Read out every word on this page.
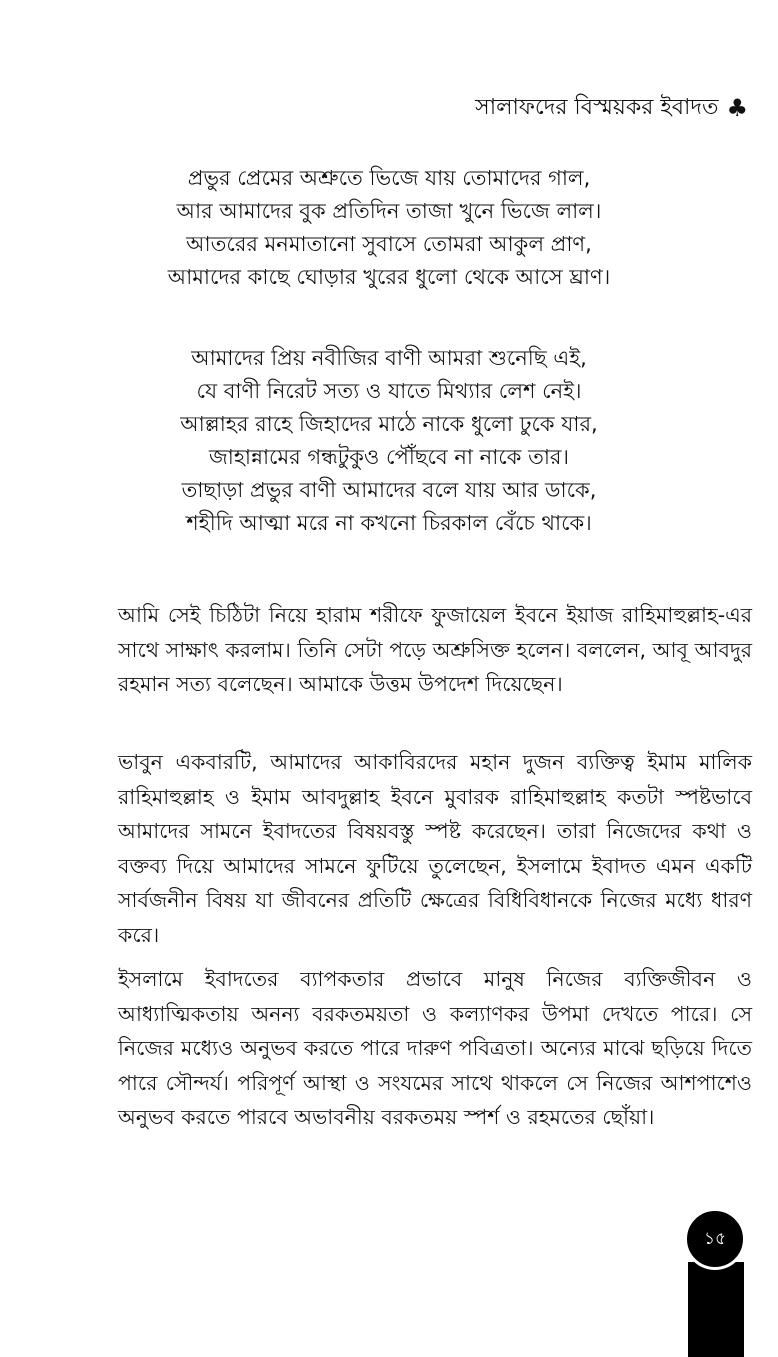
সালাফদের বিস্ময়কর ইবাদত ♣
প্রভুর প্রেমের অশ্রুতে ভিজে যায় তোমাদের গাল,
আর আমাদের বুক প্রতিদিন তাজা খুনে ভিজে লাল।
আতরের মনমাতানো সুবাসে তোমরা আকুল প্রাণ,
আমাদের কাছে ঘোড়ার খুরের ধুলো থেকে আসে ঘ্রাণ।
আমাদের প্রিয় নবীজির বাণী আমরা শুনেছি এই,
যে বাণী নিরেট সত্য ও যাতে মিথ্যার লেশ নেই।
আল্লাহর রাহে জিহাদের মাঠে নাকে ধুলো ঢুকে যার,
জাহান্নামের গন্ধটুকুও পৌঁছবে না নাকে তার।
তাছাড়া প্রভুর বাণী আমাদের বলে যায় আর ডাকে,
শহীদি আত্মা মরে না কখনো চিরকাল বেঁচে থাকে।

আমি সেই চিঠিটা নিয়ে হারাম শরীফে ফুজায়েল ইবনে ইয়াজ রাহিমাহুল্লাহ-এর সাথে সাক্ষাৎ করলাম। তিনি সেটা পড়ে অশ্রুসিক্ত হলেন। বললেন, আবূ আবদুর রহমান সত্য বলেছেন। আমাকে উত্তম উপদেশ দিয়েছেন।

ভাবুন একবারটি, আমাদের আকাবিরদের মহান দুজন ব্যক্তিত্ব ইমাম মালিক রাহিমাহুল্লাহ ও ইমাম আবদুল্লাহ ইবনে মুবারক রাহিমাহুল্লাহ কতটা স্পষ্টভাবে আমাদের সামনে ইবাদতের বিষয়বস্তু স্পষ্ট করেছেন। তারা নিজেদের কথা ও বক্তব্য দিয়ে আমাদের সামনে ফুটিয়ে তুলেছেন, ইসলামে ইবাদত এমন একটি সার্বজনীন বিষয় যা জীবনের প্রতিটি ক্ষেত্রের বিধিবিধানকে নিজের মধ্যে ধারণ করে।

ইসলামে ইবাদতের ব্যাপকতার প্রভাবে মানুষ নিজের ব্যক্তিজীবন ও আধ্যাত্মিকতায় অনন্য বরকতময়তা ও কল্যাণকর উপমা দেখতে পারে। সে নিজের মধ্যেও অনুভব করতে পারে দারুণ পবিত্রতা। অন্যের মাঝে ছড়িয়ে দিতে পারে সৌন্দর্য। পরিপূর্ণ আস্থা ও সংযমের সাথে থাকলে সে নিজের আশপাশেও অনুভব করতে পারবে অভাবনীয় বরকতময় স্পর্শ ও রহমতের ছোঁয়া।

১৫
